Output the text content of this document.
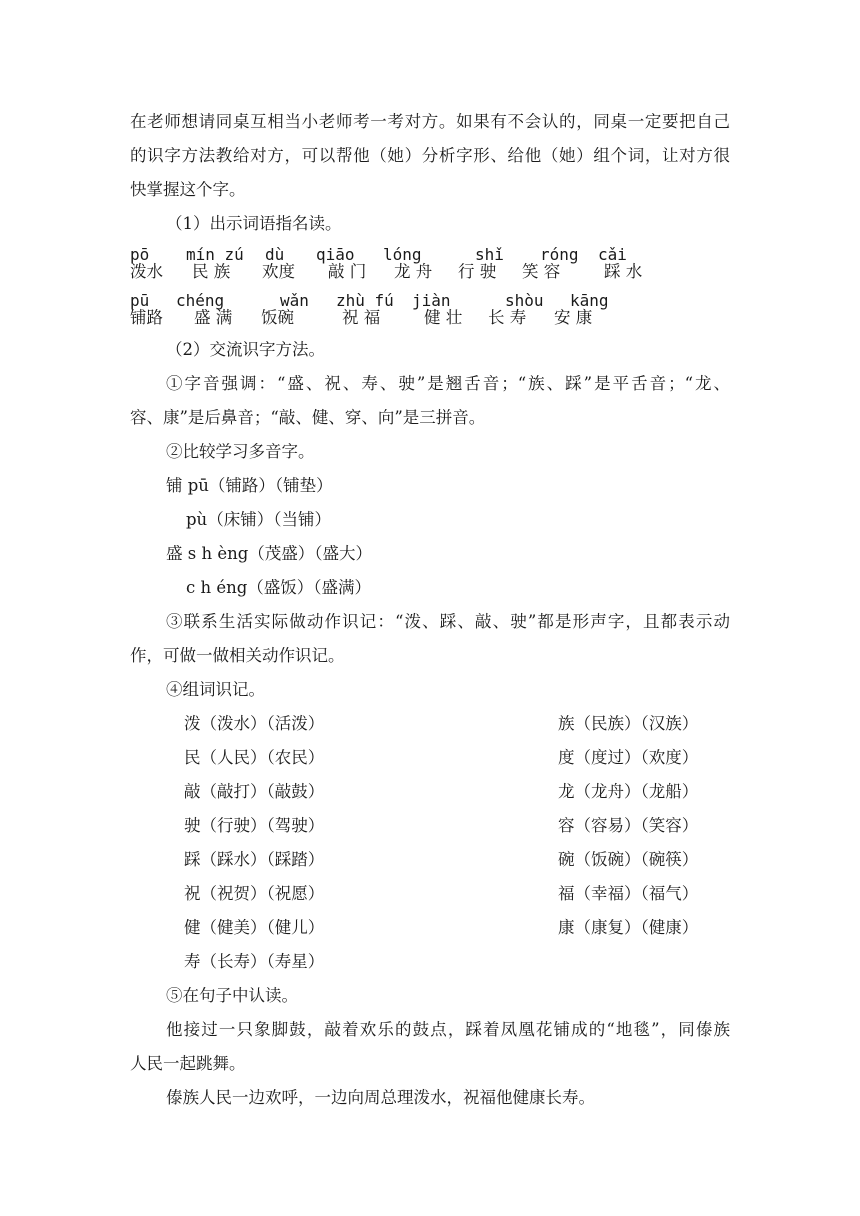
在老师想请同桌互相当小老师考一考对方。如果有不会认的，同桌一定要把自己
的识字方法教给对方，可以帮他（她）分析字形、给他（她）组个词，让对方很
快掌握这个字。
（1）出示词语指名读。
pō mín zú dù qiāo lóng	shǐ róng cǎi
泼水 民 族 欢度 敲 门 龙 舟 行 驶 笑 容	踩 水
pū chéng	wǎn zhù fú jiàn	shòu kāng
铺路 盛 满 饭碗	祝 福	健 壮 长 寿 安 康
（2）交流识字方法。
①字音强调：“盛、祝、寿、驶”是翘舌音；“族、踩”是平舌音；“龙、
容、康”是后鼻音；“敲、健、穿、向”是三拼音。
②比较学习多音字。
铺 pū（铺路）（铺垫）
pù（床铺）（当铺）
盛 s h èng（茂盛）（盛大）
c h éng（盛饭）（盛满）
③联系生活实际做动作识记：“泼、踩、敲、驶”都是形声字，且都表示动
作，可做一做相关动作识记。
④组词识记。
泼（泼水）（活泼）	族（民族）（汉族）
民（人民）（农民）	度（度过）（欢度）
敲（敲打）（敲鼓）	龙（龙舟）（龙船）
驶（行驶）（驾驶）	容（容易）（笑容）
踩（踩水）（踩踏）	碗（饭碗）（碗筷）
祝（祝贺）（祝愿）	福（幸福）（福气）
健（健美）（健儿）	康（康复）（健康）
寿（长寿）（寿星）
⑤在句子中认读。
他接过一只象脚鼓，敲着欢乐的鼓点，踩着凤凰花铺成的“地毯”，同傣族
人民一起跳舞。
傣族人民一边欢呼，一边向周总理泼水，祝福他健康长寿。
